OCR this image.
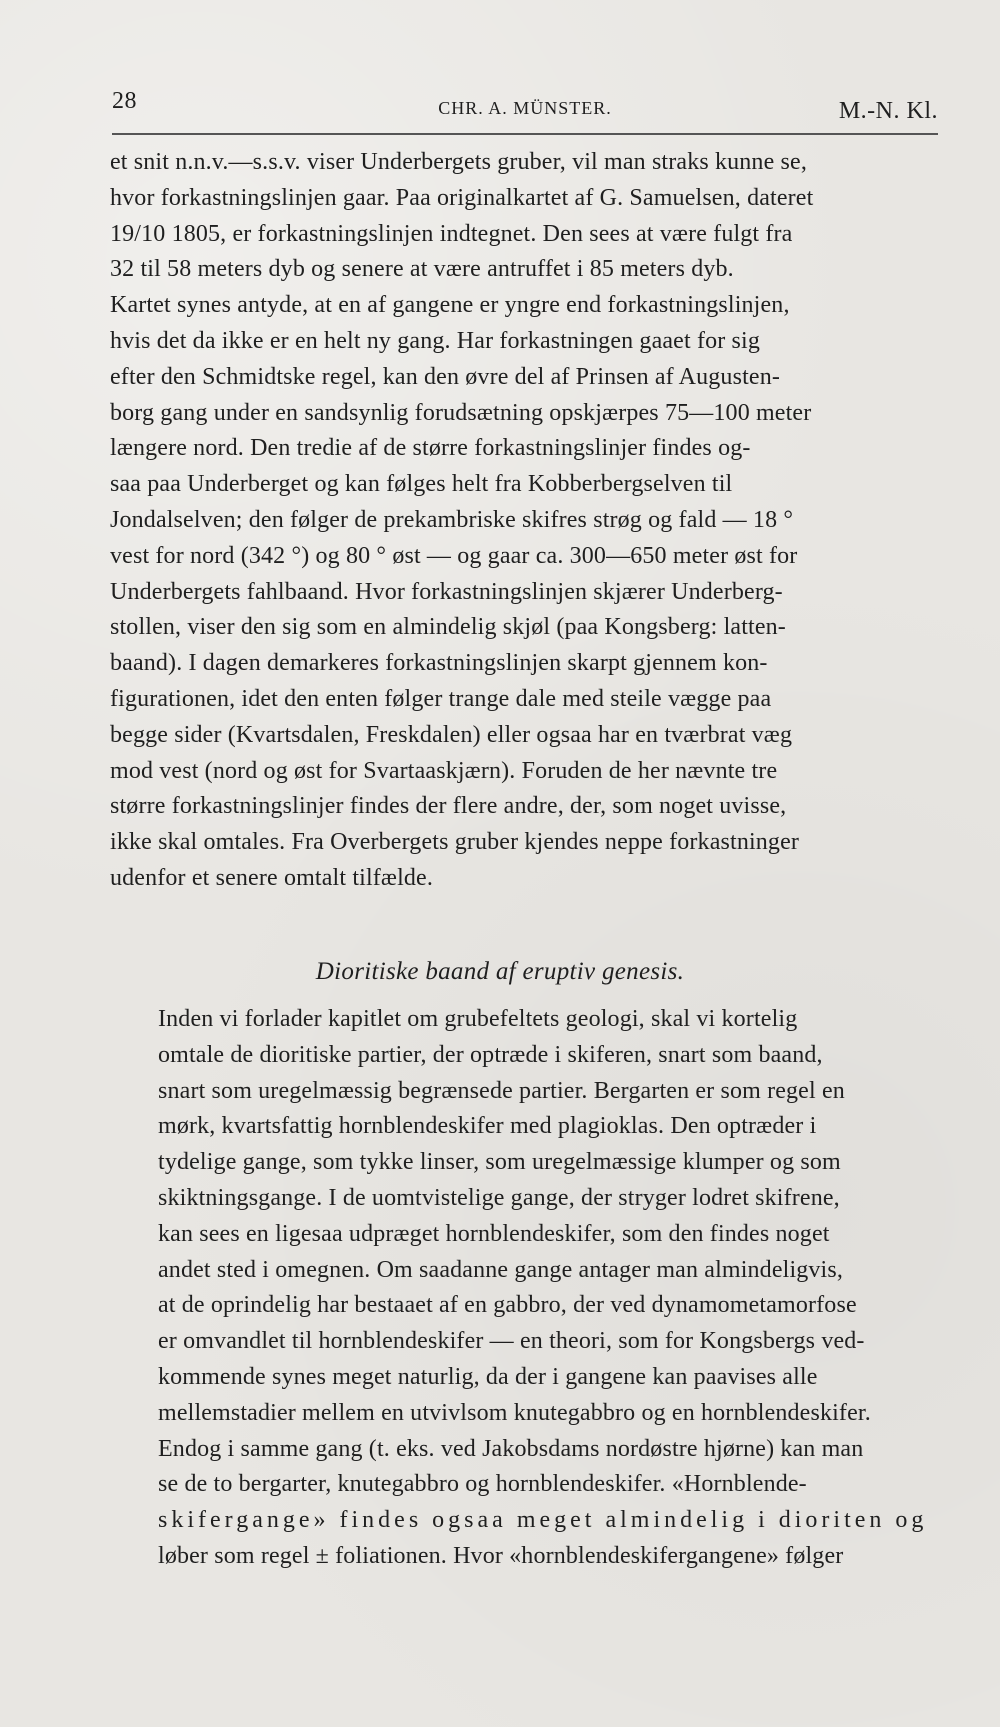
28	CHR. A. MÜNSTER.	M.-N. Kl.
et snit n.n.v.—s.s.v. viser Underbergets gruber, vil man straks kunne se,
hvor forkastningslinjen gaar. Paa originalkartet af G. Samuelsen, dateret
19/10 1805, er forkastningslinjen indtegnet. Den sees at være fulgt fra
32 til 58 meters dyb og senere at være antruffet i 85 meters dyb.
Kartet synes antyde, at en af gangene er yngre end forkastningslinjen,
hvis det da ikke er en helt ny gang. Har forkastningen gaaet for sig
efter den Schmidtske regel, kan den øvre del af Prinsen af Augusten-
borg gang under en sandsynlig forudsætning opskjærpes 75—100 meter
længere nord. Den tredie af de større forkastningslinjer findes og-
saa paa Underberget og kan følges helt fra Kobberbergselven til
Jondalselven; den følger de prekambriske skifres strøg og fald — 18 °
vest for nord (342 °) og 80 ° øst — og gaar ca. 300—650 meter øst for
Underbergets fahlbaand. Hvor forkastningslinjen skjærer Underberg-
stollen, viser den sig som en almindelig skjøl (paa Kongsberg: latten-
baand). I dagen demarkeres forkastningslinjen skarpt gjennem kon-
figurationen, idet den enten følger trange dale med steile vægge paa
begge sider (Kvartsdalen, Freskdalen) eller ogsaa har en tværbrat væg
mod vest (nord og øst for Svartaaskjærn). Foruden de her nævnte tre
større forkastningslinjer findes der flere andre, der, som noget uvisse,
ikke skal omtales. Fra Overbergets gruber kjendes neppe forkastninger
udenfor et senere omtalt tilfælde.
Dioritiske baand af eruptiv genesis.
Inden vi forlader kapitlet om grubefeltets geologi, skal vi kortelig
omtale de dioritiske partier, der optræde i skiferen, snart som baand,
snart som uregelmæssig begrænsede partier. Bergarten er som regel en
mørk, kvartsfattig hornblendeskifer med plagioklas. Den optræder i
tydelige gange, som tykke linser, som uregelmæssige klumper og som
skiktningsgange. I de uomtvistelige gange, der stryger lodret skifrene,
kan sees en ligesaa udpræget hornblendeskifer, som den findes noget
andet sted i omegnen. Om saadanne gange antager man almindeligvis,
at de oprindelig har bestaaet af en gabbro, der ved dynamometamorfose
er omvandlet til hornblendeskifer — en theori, som for Kongsbergs ved-
kommende synes meget naturlig, da der i gangene kan paavises alle
mellemstadier mellem en utvivlsom knutegabbro og en hornblendeskifer.
Endog i samme gang (t. eks. ved Jakobsdams nordøstre hjørne) kan man
se de to bergarter, knutegabbro og hornblendeskifer. «Hornblende-
skifergange» findes ogsaa meget almindelig i dioriten og
løber som regel ± foliationen. Hvor «hornblendeskifergangene» følger
